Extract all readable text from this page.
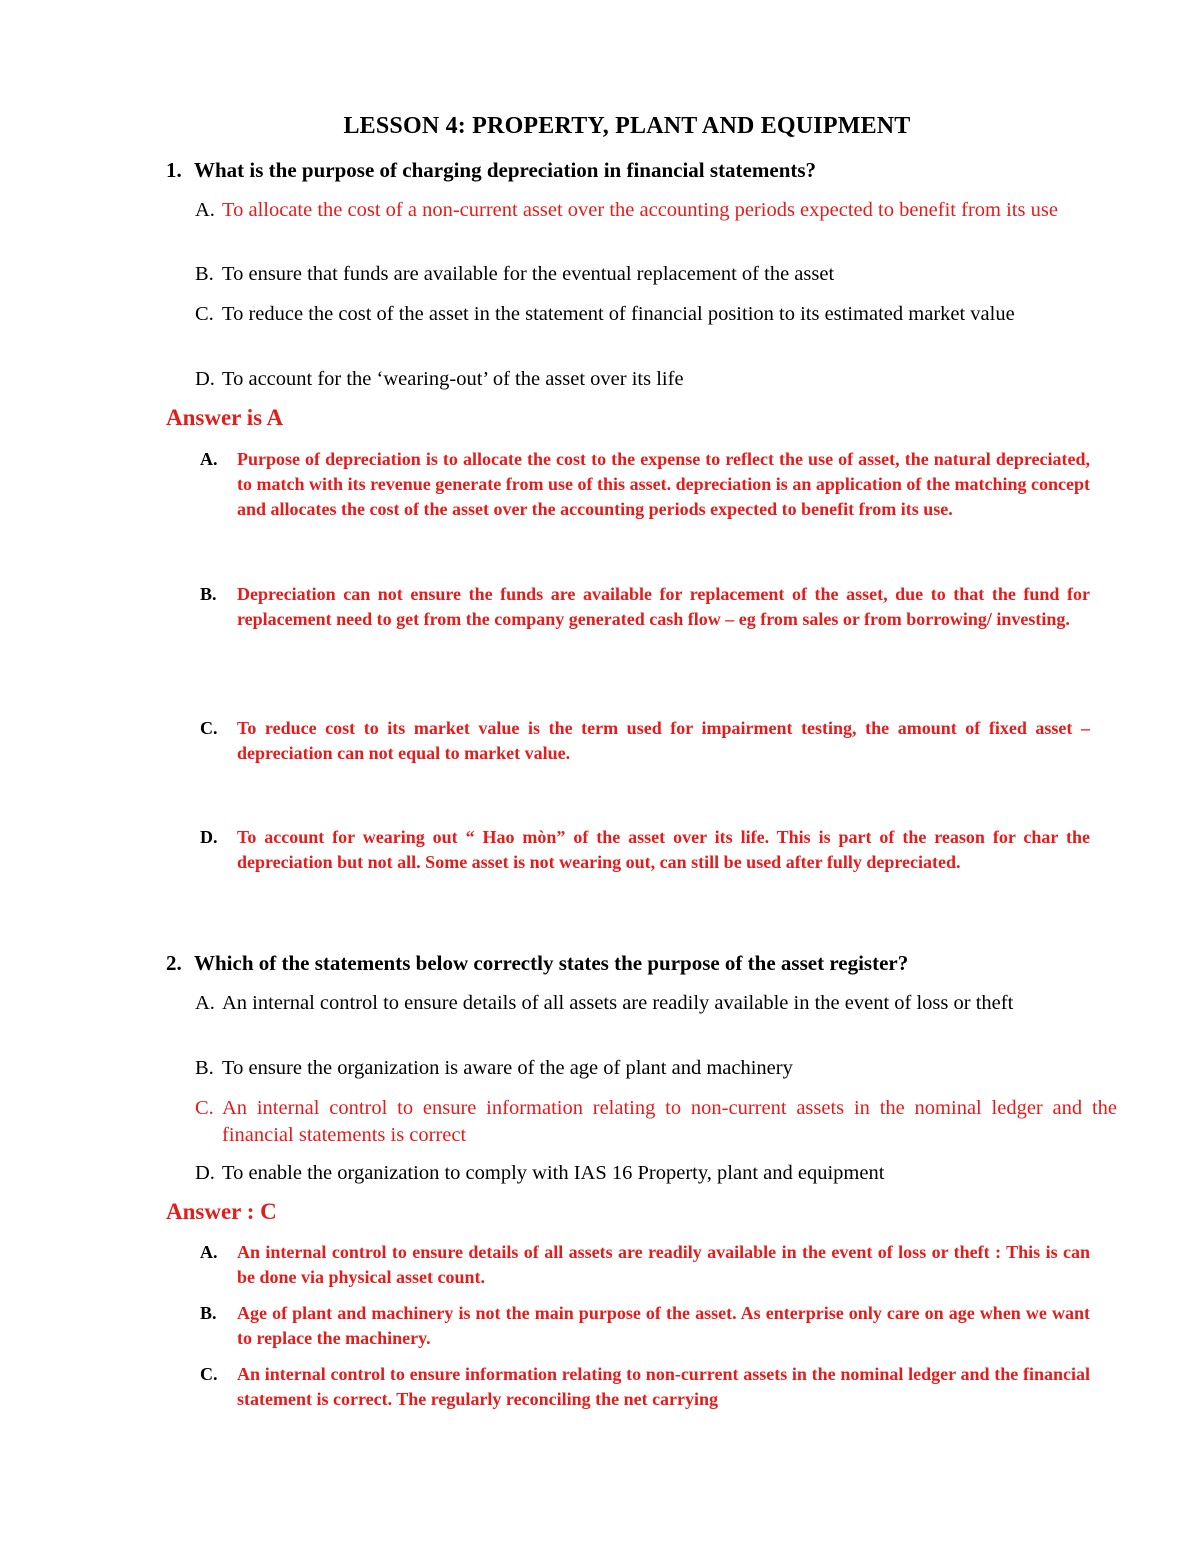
LESSON 4: PROPERTY, PLANT AND EQUIPMENT
1. What is the purpose of charging depreciation in financial statements?
A. To allocate the cost of a non-current asset over the accounting periods expected to benefit from its use
B. To ensure that funds are available for the eventual replacement of the asset
C. To reduce the cost of the asset in the statement of financial position to its estimated market value
D. To account for the ‘wearing-out’ of the asset over its life
Answer is A
A. Purpose of depreciation is to allocate the cost to the expense to reflect the use of asset, the natural depreciated, to match with its revenue generate from use of this asset. depreciation is an application of the matching concept and allocates the cost of the asset over the accounting periods expected to benefit from its use.
B. Depreciation can not ensure the funds are available for replacement of the asset, due to that the fund for replacement need to get from the company generated cash flow – eg from sales or from borrowing/ investing.
C. To reduce cost to its market value is the term used for impairment testing, the amount of fixed asset – depreciation can not equal to market value.
D. To account for wearing out “ Hao mòn” of the asset over its life. This is part of the reason for char the depreciation but not all. Some asset is not wearing out, can still be used after fully depreciated.
2. Which of the statements below correctly states the purpose of the asset register?
A. An internal control to ensure details of all assets are readily available in the event of loss or theft
B. To ensure the organization is aware of the age of plant and machinery
C. An internal control to ensure information relating to non-current assets in the nominal ledger and the financial statements is correct
D. To enable the organization to comply with IAS 16 Property, plant and equipment
Answer : C
A. An internal control to ensure details of all assets are readily available in the event of loss or theft : This is can be done via physical asset count.
B. Age of plant and machinery is not the main purpose of the asset. As enterprise only care on age when we want to replace the machinery.
C. An internal control to ensure information relating to non-current assets in the nominal ledger and the financial statement is correct. The regularly reconciling the net carrying
